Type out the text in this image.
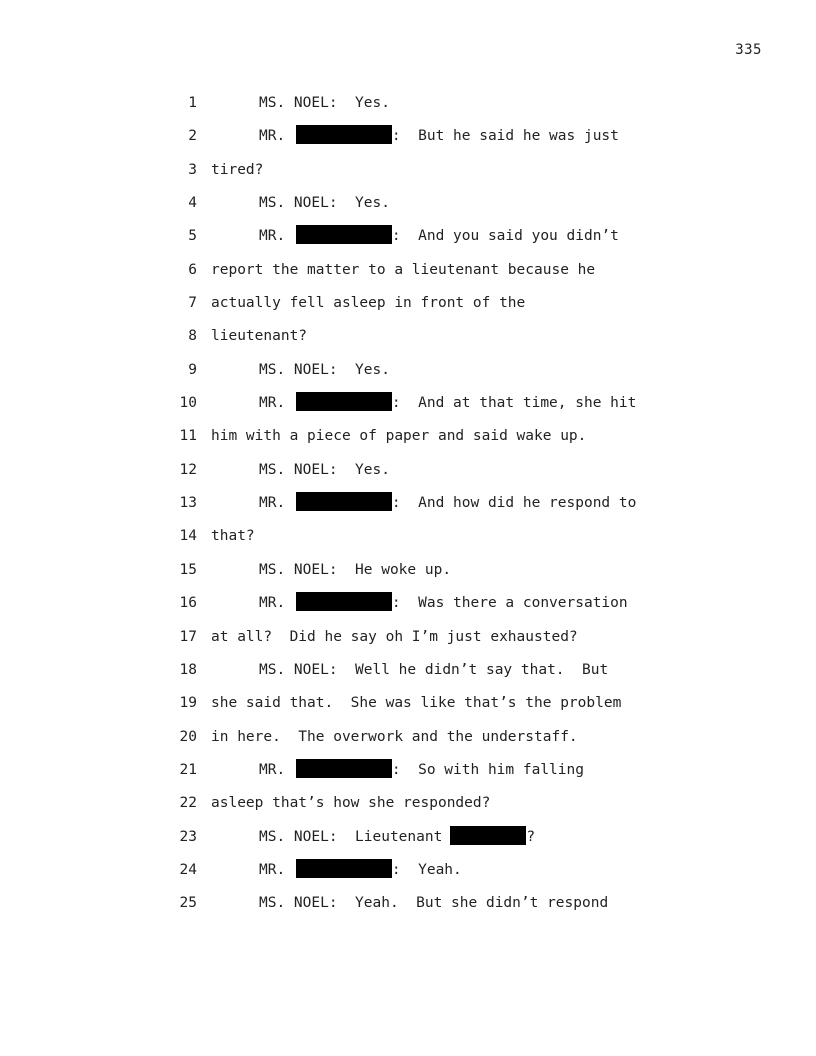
335
1	MS. NOEL:  Yes.
2	MR.	:  But he said he was just
3 tired?
4	MS. NOEL:  Yes.
5	MR.	:  And you said you didn’t
6 report the matter to a lieutenant because he
7 actually fell asleep in front of the
8 lieutenant?
9	MS. NOEL:  Yes.
10	MR.	:  And at that time, she hit
11 him with a piece of paper and said wake up.
12	MS. NOEL:  Yes.
13	MR.	:  And how did he respond to
14 that?
15	MS. NOEL:  He woke up.
16	MR.	:  Was there a conversation
17 at all?  Did he say oh I’m just exhausted?
18	MS. NOEL:  Well he didn’t say that.  But
19 she said that.  She was like that’s the problem
20 in here.  The overwork and the understaff.
21	MR.	:  So with him falling
22 asleep that’s how she responded?
23	MS. NOEL:  Lieutenant	?
24	MR.	:  Yeah.
25	MS. NOEL:  Yeah.  But she didn’t respond
